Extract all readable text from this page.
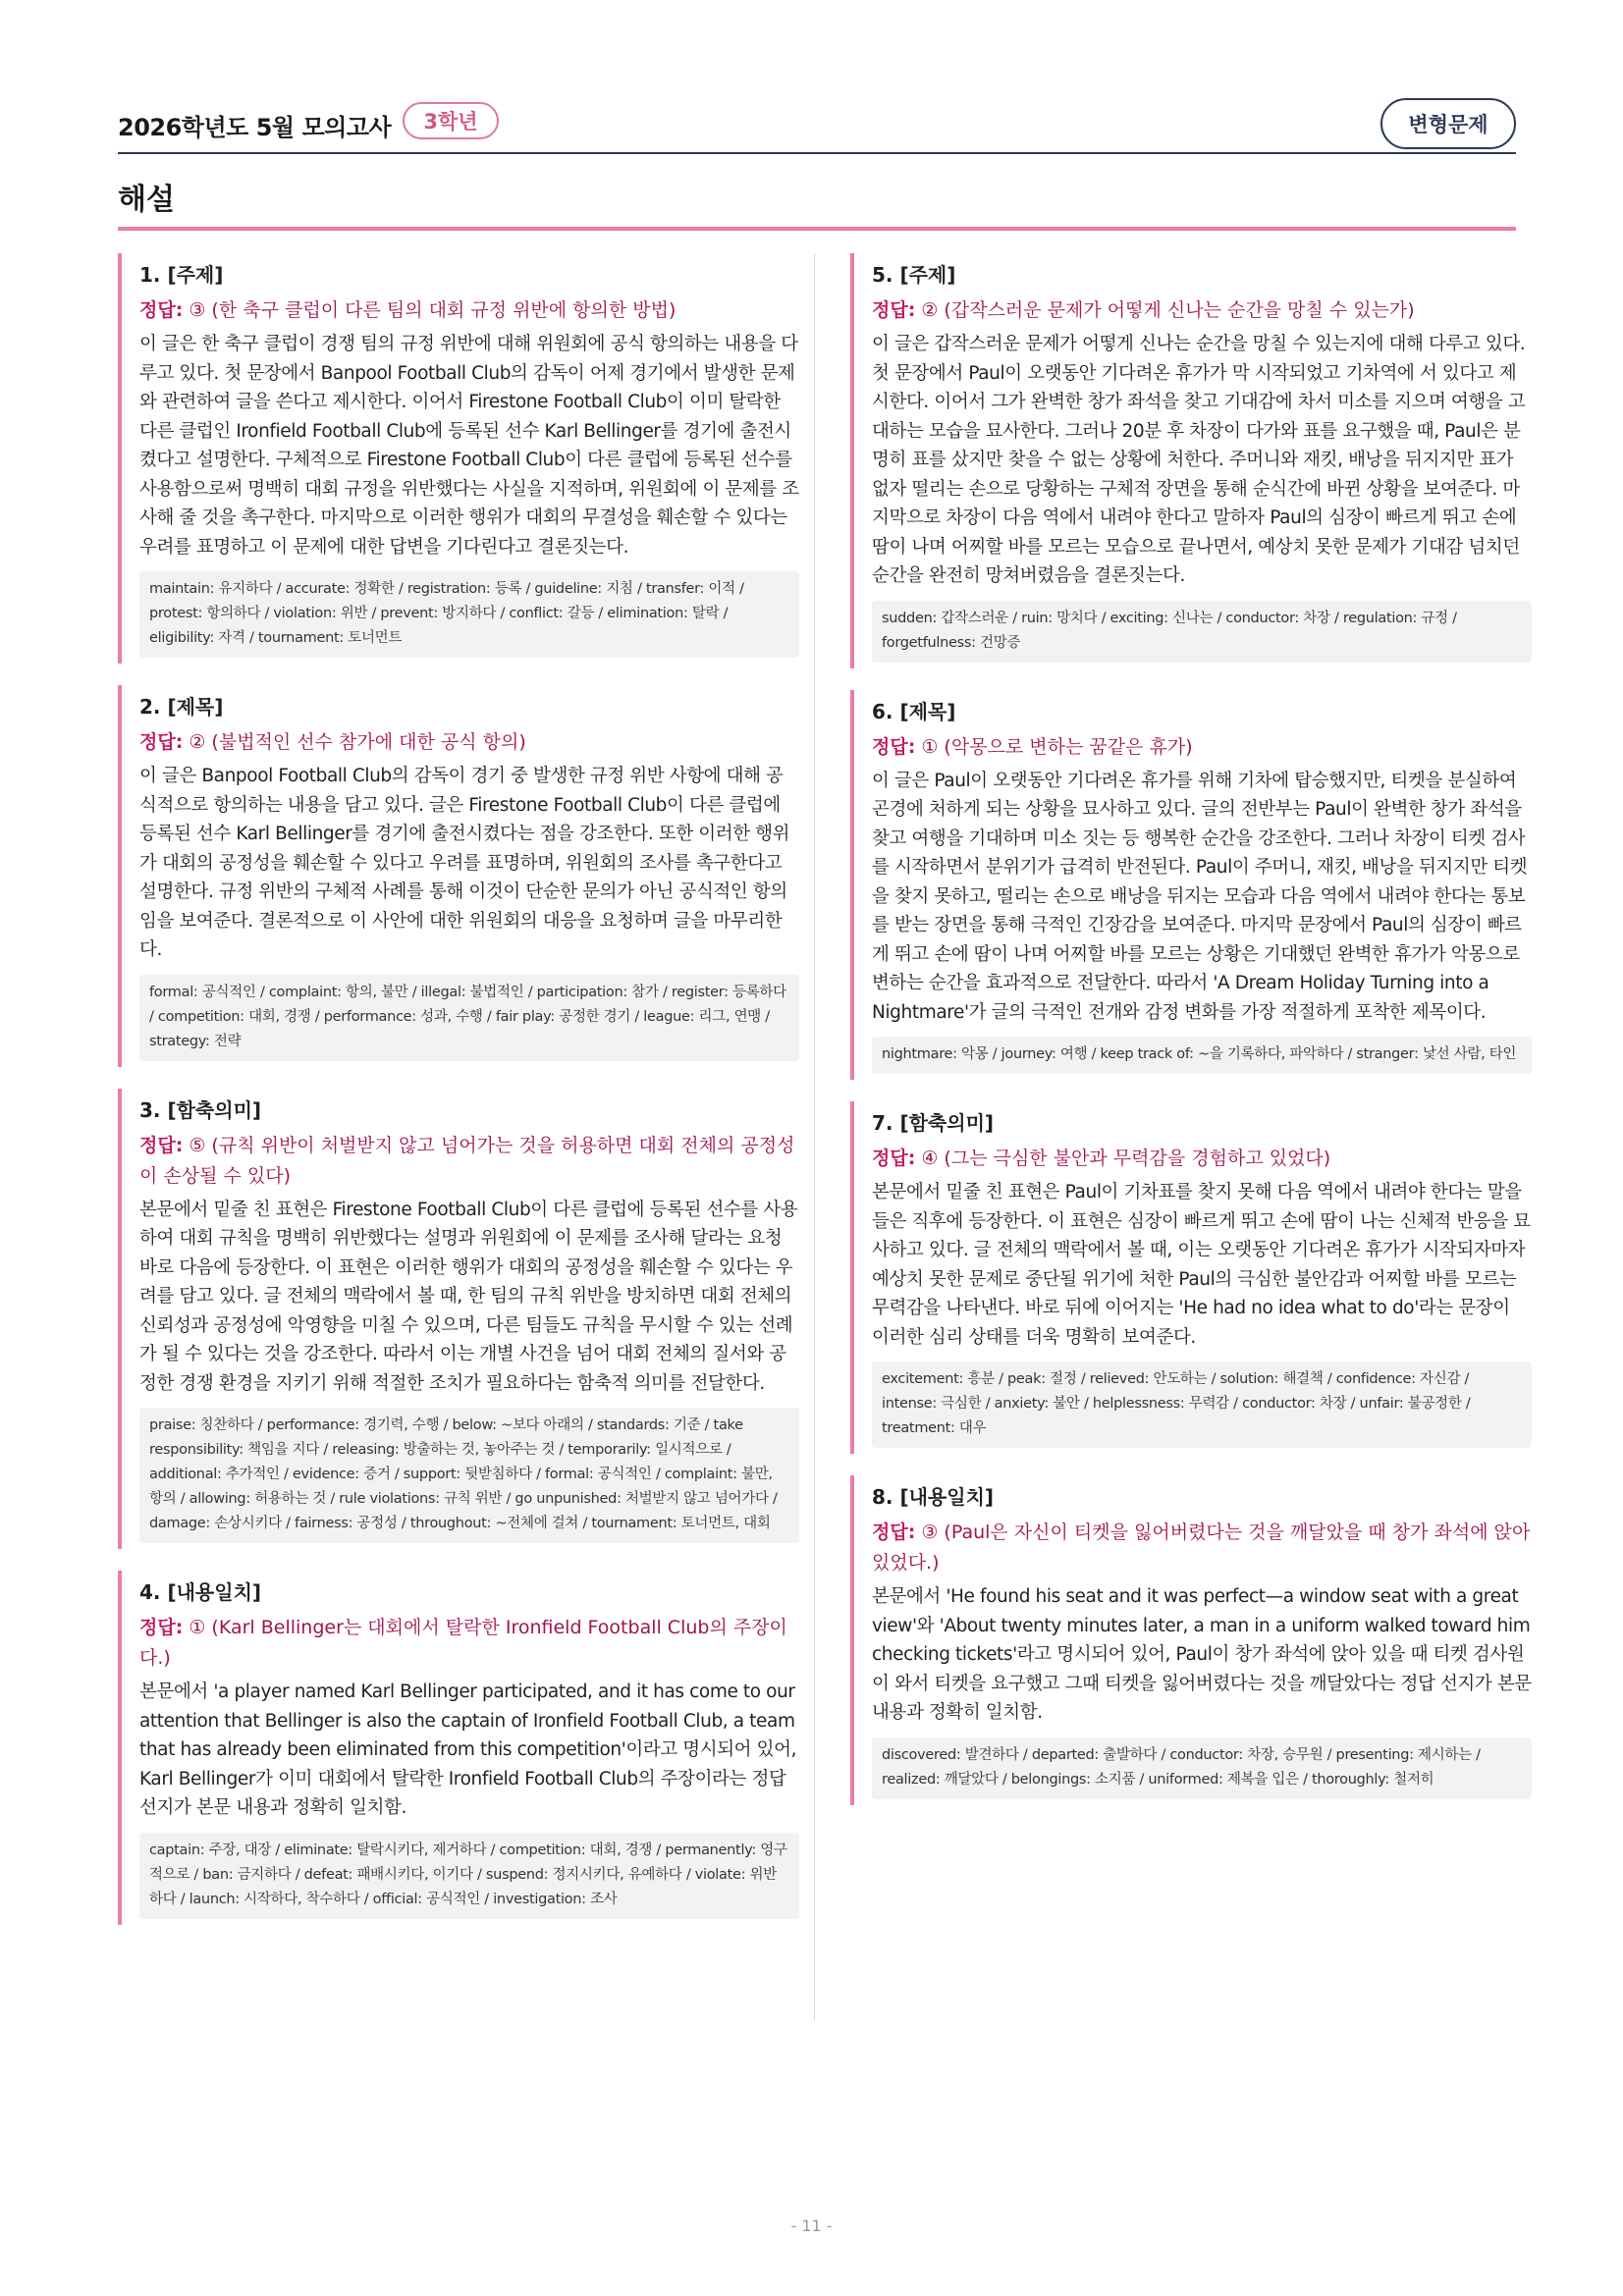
2026학년도 5월 모의고사	3학년	변형문제
해설
1. [주제]
정답: ③ (한 축구 클럽이 다른 팀의 대회 규정 위반에 항의한 방법)
이 글은 한 축구 클럽이 경쟁 팀의 규정 위반에 대해 위원회에 공식 항의하는 내용을 다루고 있다. 첫 문장에서 Banpool Football Club의 감독이 어제 경기에서 발생한 문제와 관련하여 글을 쓴다고 제시한다. 이어서 Firestone Football Club이 이미 탈락한 다른 클럽인 Ironfield Football Club에 등록된 선수 Karl Bellinger를 경기에 출전시켰다고 설명한다. 구체적으로 Firestone Football Club이 다른 클럽에 등록된 선수를 사용함으로써 명백히 대회 규정을 위반했다는 사실을 지적하며, 위원회에 이 문제를 조사해 줄 것을 촉구한다. 마지막으로 이러한 행위가 대회의 무결성을 훼손할 수 있다는 우려를 표명하고 이 문제에 대한 답변을 기다린다고 결론짓는다.
maintain: 유지하다 / accurate: 정확한 / registration: 등록 / guideline: 지침 / transfer: 이적 / protest: 항의하다 / violation: 위반 / prevent: 방지하다 / conflict: 갈등 / elimination: 탈락 / eligibility: 자격 / tournament: 토너먼트
2. [제목]
정답: ② (불법적인 선수 참가에 대한 공식 항의)
이 글은 Banpool Football Club의 감독이 경기 중 발생한 규정 위반 사항에 대해 공식적으로 항의하는 내용을 담고 있다. 글은 Firestone Football Club이 다른 클럽에 등록된 선수 Karl Bellinger를 경기에 출전시켰다는 점을 강조한다. 또한 이러한 행위가 대회의 공정성을 훼손할 수 있다고 우려를 표명하며, 위원회의 조사를 촉구한다고 설명한다. 규정 위반의 구체적 사례를 통해 이것이 단순한 문의가 아닌 공식적인 항의임을 보여준다. 결론적으로 이 사안에 대한 위원회의 대응을 요청하며 글을 마무리한다.
formal: 공식적인 / complaint: 항의, 불만 / illegal: 불법적인 / participation: 참가 / register: 등록하다 / competition: 대회, 경쟁 / performance: 성과, 수행 / fair play: 공정한 경기 / league: 리그, 연맹 / strategy: 전략
3. [함축의미]
정답: ⑤ (규칙 위반이 처벌받지 않고 넘어가는 것을 허용하면 대회 전체의 공정성이 손상될 수 있다)
본문에서 밑줄 친 표현은 Firestone Football Club이 다른 클럽에 등록된 선수를 사용하여 대회 규칙을 명백히 위반했다는 설명과 위원회에 이 문제를 조사해 달라는 요청 바로 다음에 등장한다. 이 표현은 이러한 행위가 대회의 공정성을 훼손할 수 있다는 우려를 담고 있다. 글 전체의 맥락에서 볼 때, 한 팀의 규칙 위반을 방치하면 대회 전체의 신뢰성과 공정성에 악영향을 미칠 수 있으며, 다른 팀들도 규칙을 무시할 수 있는 선례가 될 수 있다는 것을 강조한다. 따라서 이는 개별 사건을 넘어 대회 전체의 질서와 공정한 경쟁 환경을 지키기 위해 적절한 조치가 필요하다는 함축적 의미를 전달한다.
praise: 칭찬하다 / performance: 경기력, 수행 / below: ~보다 아래의 / standards: 기준 / take responsibility: 책임을 지다 / releasing: 방출하는 것, 놓아주는 것 / temporarily: 일시적으로 / additional: 추가적인 / evidence: 증거 / support: 뒷받침하다 / formal: 공식적인 / complaint: 불만, 항의 / allowing: 허용하는 것 / rule violations: 규칙 위반 / go unpunished: 처벌받지 않고 넘어가다 / damage: 손상시키다 / fairness: 공정성 / throughout: ~전체에 걸쳐 / tournament: 토너먼트, 대회
4. [내용일치]
정답: ① (Karl Bellinger는 대회에서 탈락한 Ironfield Football Club의 주장이다.)
본문에서 'a player named Karl Bellinger participated, and it has come to our attention that Bellinger is also the captain of Ironfield Football Club, a team that has already been eliminated from this competition'이라고 명시되어 있어, Karl Bellinger가 이미 대회에서 탈락한 Ironfield Football Club의 주장이라는 정답 선지가 본문 내용과 정확히 일치함.
captain: 주장, 대장 / eliminate: 탈락시키다, 제거하다 / competition: 대회, 경쟁 / permanently: 영구적으로 / ban: 금지하다 / defeat: 패배시키다, 이기다 / suspend: 정지시키다, 유예하다 / violate: 위반하다 / launch: 시작하다, 착수하다 / official: 공식적인 / investigation: 조사
5. [주제]
정답: ② (갑작스러운 문제가 어떻게 신나는 순간을 망칠 수 있는가)
이 글은 갑작스러운 문제가 어떻게 신나는 순간을 망칠 수 있는지에 대해 다루고 있다. 첫 문장에서 Paul이 오랫동안 기다려온 휴가가 막 시작되었고 기차역에 서 있다고 제시한다. 이어서 그가 완벽한 창가 좌석을 찾고 기대감에 차서 미소를 지으며 여행을 고대하는 모습을 묘사한다. 그러나 20분 후 차장이 다가와 표를 요구했을 때, Paul은 분명히 표를 샀지만 찾을 수 없는 상황에 처한다. 주머니와 재킷, 배낭을 뒤지지만 표가 없자 떨리는 손으로 당황하는 구체적 장면을 통해 순식간에 바뀐 상황을 보여준다. 마지막으로 차장이 다음 역에서 내려야 한다고 말하자 Paul의 심장이 빠르게 뛰고 손에 땀이 나며 어찌할 바를 모르는 모습으로 끝나면서, 예상치 못한 문제가 기대감 넘치던 순간을 완전히 망쳐버렸음을 결론짓는다.
sudden: 갑작스러운 / ruin: 망치다 / exciting: 신나는 / conductor: 차장 / regulation: 규정 / forgetfulness: 건망증
6. [제목]
정답: ① (악몽으로 변하는 꿈같은 휴가)
이 글은 Paul이 오랫동안 기다려온 휴가를 위해 기차에 탑승했지만, 티켓을 분실하여 곤경에 처하게 되는 상황을 묘사하고 있다. 글의 전반부는 Paul이 완벽한 창가 좌석을 찾고 여행을 기대하며 미소 짓는 등 행복한 순간을 강조한다. 그러나 차장이 티켓 검사를 시작하면서 분위기가 급격히 반전된다. Paul이 주머니, 재킷, 배낭을 뒤지지만 티켓을 찾지 못하고, 떨리는 손으로 배낭을 뒤지는 모습과 다음 역에서 내려야 한다는 통보를 받는 장면을 통해 극적인 긴장감을 보여준다. 마지막 문장에서 Paul의 심장이 빠르게 뛰고 손에 땀이 나며 어찌할 바를 모르는 상황은 기대했던 완벽한 휴가가 악몽으로 변하는 순간을 효과적으로 전달한다. 따라서 'A Dream Holiday Turning into a Nightmare'가 글의 극적인 전개와 감정 변화를 가장 적절하게 포착한 제목이다.
nightmare: 악몽 / journey: 여행 / keep track of: ~을 기록하다, 파악하다 / stranger: 낯선 사람, 타인
7. [함축의미]
정답: ④ (그는 극심한 불안과 무력감을 경험하고 있었다)
본문에서 밑줄 친 표현은 Paul이 기차표를 찾지 못해 다음 역에서 내려야 한다는 말을 들은 직후에 등장한다. 이 표현은 심장이 빠르게 뛰고 손에 땀이 나는 신체적 반응을 묘사하고 있다. 글 전체의 맥락에서 볼 때, 이는 오랫동안 기다려온 휴가가 시작되자마자 예상치 못한 문제로 중단될 위기에 처한 Paul의 극심한 불안감과 어찌할 바를 모르는 무력감을 나타낸다. 바로 뒤에 이어지는 'He had no idea what to do'라는 문장이 이러한 심리 상태를 더욱 명확히 보여준다.
excitement: 흥분 / peak: 절정 / relieved: 안도하는 / solution: 해결책 / confidence: 자신감 / intense: 극심한 / anxiety: 불안 / helplessness: 무력감 / conductor: 차장 / unfair: 불공정한 / treatment: 대우
8. [내용일치]
정답: ③ (Paul은 자신이 티켓을 잃어버렸다는 것을 깨달았을 때 창가 좌석에 앉아 있었다.)
본문에서 'He found his seat and it was perfect—a window seat with a great view'와 'About twenty minutes later, a man in a uniform walked toward him checking tickets'라고 명시되어 있어, Paul이 창가 좌석에 앉아 있을 때 티켓 검사원이 와서 티켓을 요구했고 그때 티켓을 잃어버렸다는 것을 깨달았다는 정답 선지가 본문 내용과 정확히 일치함.
discovered: 발견하다 / departed: 출발하다 / conductor: 차장, 승무원 / presenting: 제시하는 / realized: 깨달았다 / belongings: 소지품 / uniformed: 제복을 입은 / thoroughly: 철저히
- 11 -
